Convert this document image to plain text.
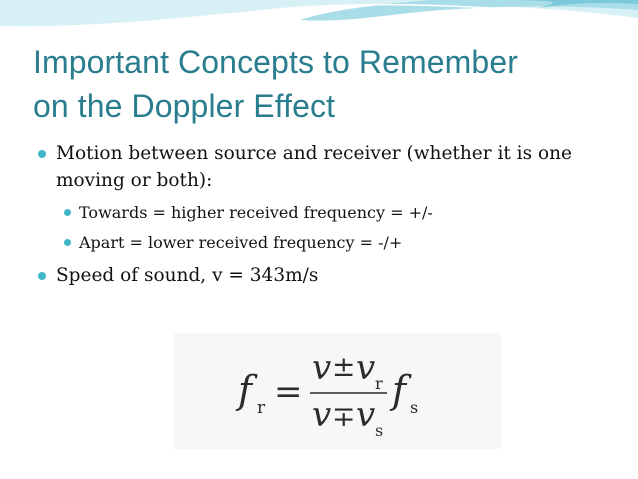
Important Concepts to Remember
on the Doppler Effect
Motion between source and receiver (whether it is one
moving or both):
Towards = higher received frequency = +/-
Apart = lower received frequency = -/+
Speed of sound, v = 343m/s
f r =
v ± v r
v ∓ v s
f s
